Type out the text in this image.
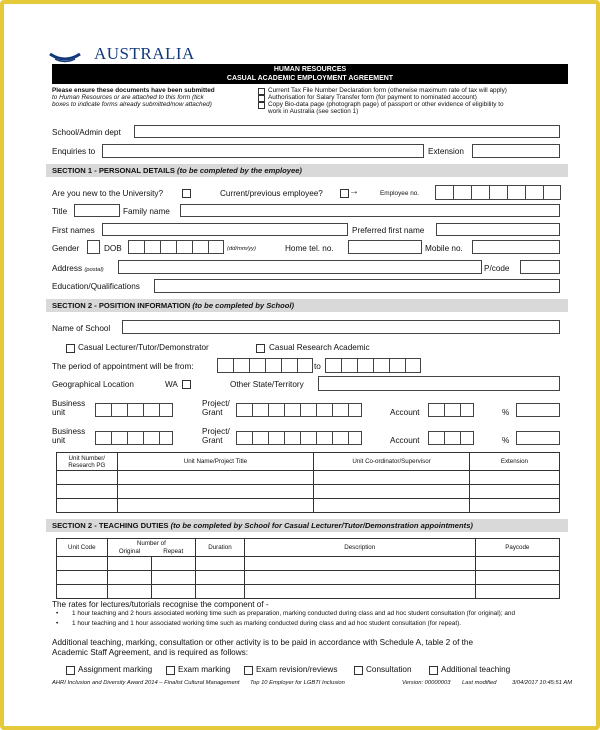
AUSTRALIA
HUMAN RESOURCES
CASUAL ACADEMIC EMPLOYMENT AGREEMENT
Please ensure these documents have been submitted
to Human Resources or are attached to this form (tick
boxes to indicate forms already submitted/now attached)
Current Tax File Number Declaration form (otherwise maximum rate of tax will apply)
Authorisation for Salary Transfer form (for payment to nominated account)
Copy Bio-data page (photograph page) of passport or other evidence of eligibility to
work in Australia (see section 1)
School/Admin dept
Enquiries to	Extension
SECTION 1 - PERSONAL DETAILS (to be completed by the employee)
Are you new to the University?	Current/previous employee?	→	Employee no.
Title	Family name
First names	Preferred first name
Gender	DOB	(dd/mm/yy)	Home tel. no.	Mobile no.
Address (postal)	P/code
Education/Qualifications
SECTION 2 - POSITION INFORMATION (to be completed by School)
Name of School
Casual Lecturer/Tutor/Demonstrator	Casual Research Academic
The period of appointment will be from:	to
Geographical Location	WA	Other State/Territory
Business
unit
Project/
Grant	Account	%
Business
unit
Project/
Grant	Account	%
Unit Number/ Research PG	Unit Name/Project Title	Unit Co-ordinator/Supervisor	Extension

SECTION 2 - TEACHING DUTIES (to be completed by School for Casual Lecturer/Tutor/Demonstration appointments)
Unit Code	Number of		Duration	Description	Paycode
	Original	Repeat			

The rates for lectures/tutorials recognise the component of -
• 1 hour teaching and 2 hours associated working time such as preparation, marking conducted during class and ad hoc student consultation (for original); and
• 1 hour teaching and 1 hour associated working time such as marking conducted during class and ad hoc student consultation (for repeat).
Additional teaching, marking, consultation or other activity is to be paid in accordance with Schedule A, table 2 of the
Academic Staff Agreement, and is required as follows:
Assignment marking	Exam marking	Exam revision/reviews	Consultation	Additional teaching
AHRI Inclusion and Diversity Award 2014 – Finalist Cultural Management Top 10 Employer for LGBTI Inclusion	Version: 00000003 Last modified	3/04/2017 10:45:51 AM
